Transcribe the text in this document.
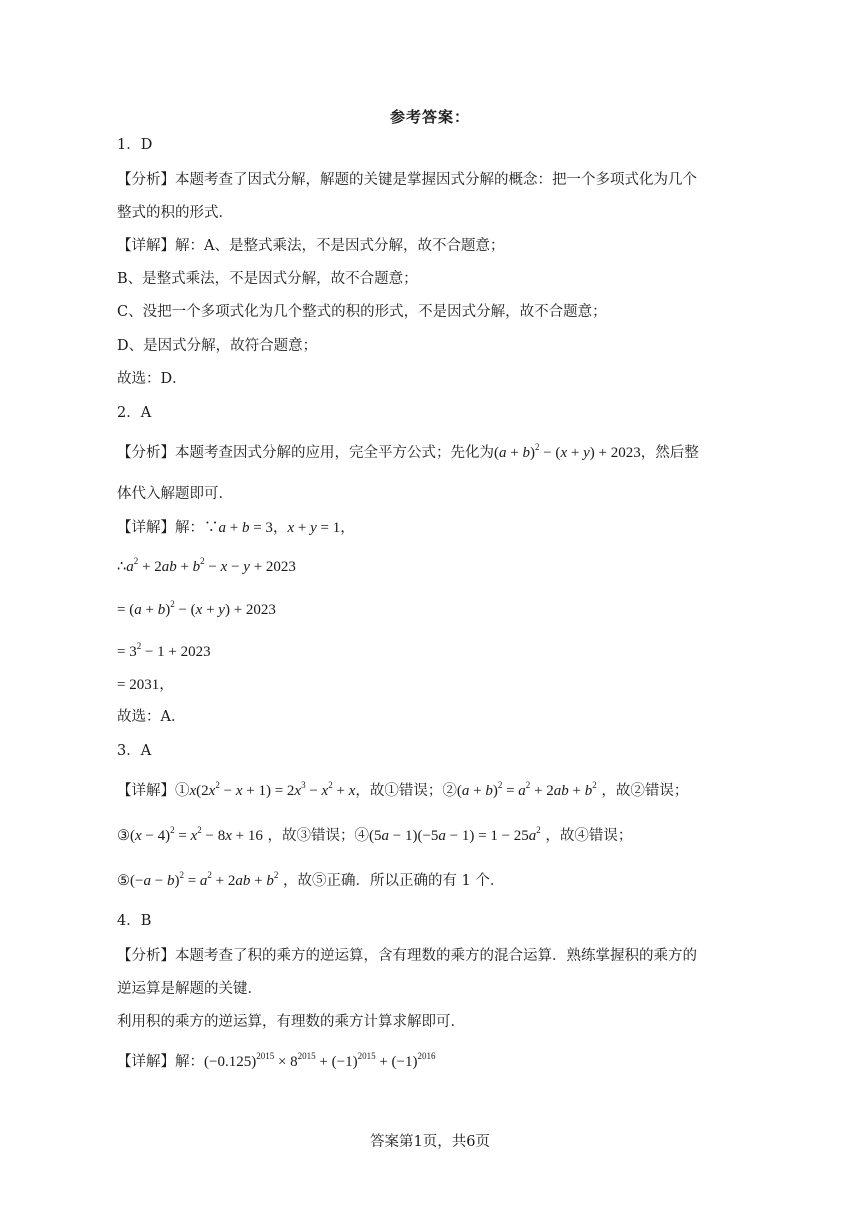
参考答案：
1．D
【分析】本题考查了因式分解，解题的关键是掌握因式分解的概念：把一个多项式化为几个
整式的积的形式．
【详解】解：A、是整式乘法，不是因式分解，故不合题意；
B、是整式乘法，不是因式分解，故不合题意；
C、没把一个多项式化为几个整式的积的形式，不是因式分解，故不合题意；
D、是因式分解，故符合题意；
故选：D．
2．A
【分析】本题考查因式分解的应用，完全平方公式；先化为$(a + b)^2 - (x + y) + 2023$，然后整
体代入解题即可．
【详解】解：∵a + b = 3，x + y = 1，
$\therefore a^2 + 2ab + b^2 - x - y + 2023$
= $(a + b)^2 - (x + y) + 2023$
= $3^2 - 1 + 2023$
= 2031，
故选：A．
3．A
【详解】$①x(2x^2 - x + 1) = 2x^3 - x^2 + x$，故①错误；②(a + $b)^2 = a^2 + 2ab + b^2$ ，故②错误；
③(x − $4)^2 = x^2 - 8x + 16$ ，故③错误；④(5a − $1)(-5a - 1) = 1 - 25a^2$ ，故④错误；
⑤(−a − $b)^2 = a^2 + 2ab + b^2$ ，故⑤正确．所以正确的有 1 个．
4．B
【分析】本题考查了积的乘方的逆运算，含有理数的乘方的混合运算．熟练掌握积的乘方的
逆运算是解题的关键．
利用积的乘方的逆运算，有理数的乘方计算求解即可．
【详解】解：$(-0.125)^{2015} \times 8^{2015} + (-1)^{2015} + (-1)^{2016}$
答案第1页，共6页
